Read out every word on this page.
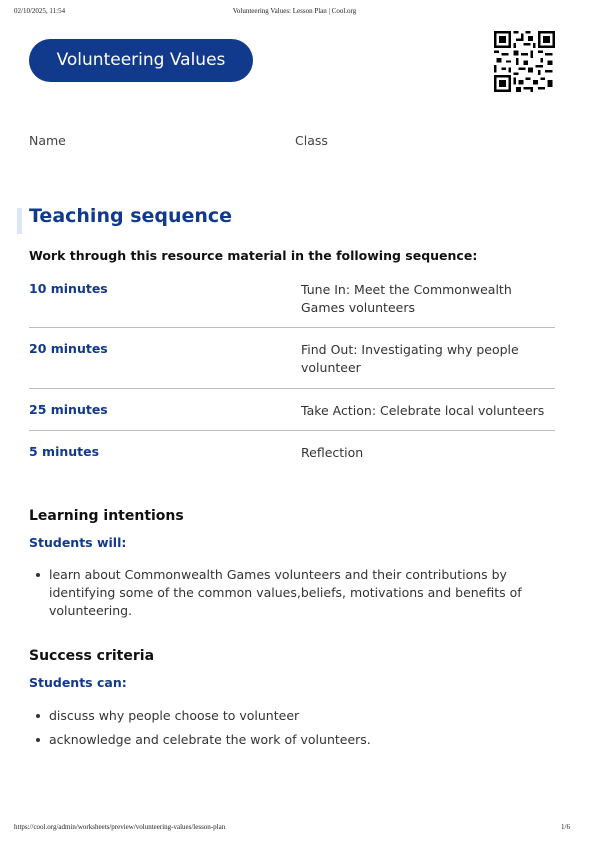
02/10/2025, 11:54	Volunteering Values: Lesson Plan | Cool.org
Volunteering Values
Name	Class
Teaching sequence
Work through this resource material in the following sequence:
10 minutes	Tune In: Meet the Commonwealth Games volunteers
20 minutes	Find Out: Investigating why people volunteer
25 minutes	Take Action: Celebrate local volunteers
5 minutes	Reflection
Learning intentions
Students will:
learn about Commonwealth Games volunteers and their contributions by identifying some of the common values,beliefs, motivations and benefits of volunteering.
Success criteria
Students can:
discuss why people choose to volunteer
acknowledge and celebrate the work of volunteers.
https://cool.org/admin/worksheets/preview/volunteering-values/lesson-plan	1/6
